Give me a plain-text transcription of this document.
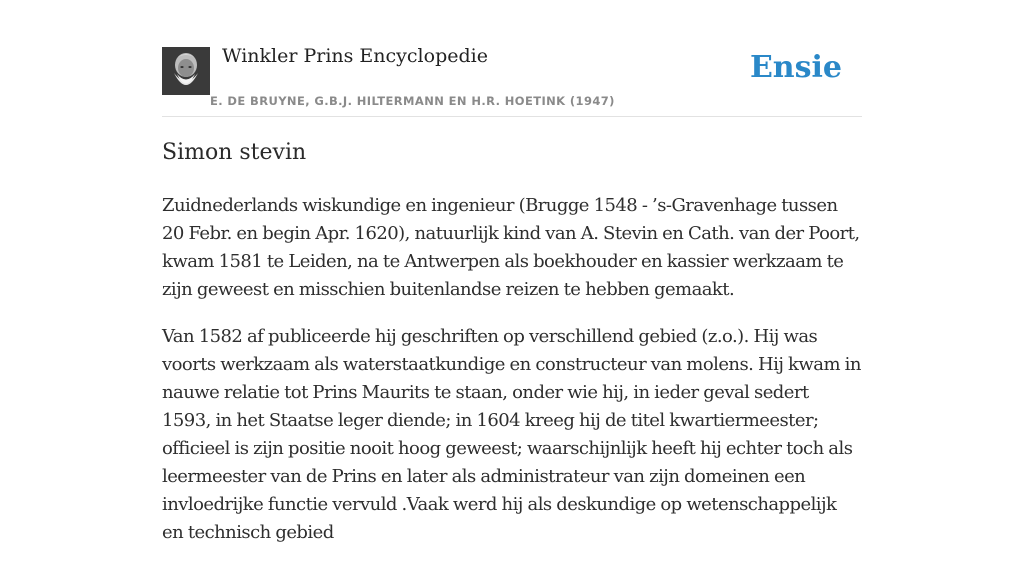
Winkler Prins Encyclopedie
E. DE BRUYNE, G.B.J. HILTERMANN EN H.R. HOETINK (1947)
Ensie
Simon stevin

Zuidnederlands wiskundige en ingenieur (Brugge 1548 - ’s-Gravenhage tussen 20 Febr. en begin Apr. 1620), natuurlijk kind van A. Stevin en Cath. van der Poort, kwam 1581 te Leiden, na te Antwerpen als boekhouder en kassier werkzaam te zijn geweest en misschien buitenlandse reizen te hebben gemaakt.

Van 1582 af publiceerde hij geschriften op verschillend gebied (z.o.). Hij was voorts werkzaam als waterstaatkundige en constructeur van molens. Hij kwam in nauwe relatie tot Prins Maurits te staan, onder wie hij, in ieder geval sedert 1593, in het Staatse leger diende; in 1604 kreeg hij de titel kwartiermeester; officieel is zijn positie nooit hoog geweest; waarschijnlijk heeft hij echter toch als leermeester van de Prins en later als administrateur van zijn domeinen een invloedrijke functie vervuld .Vaak werd hij als deskundige op wetenschappelijk en technisch gebied
